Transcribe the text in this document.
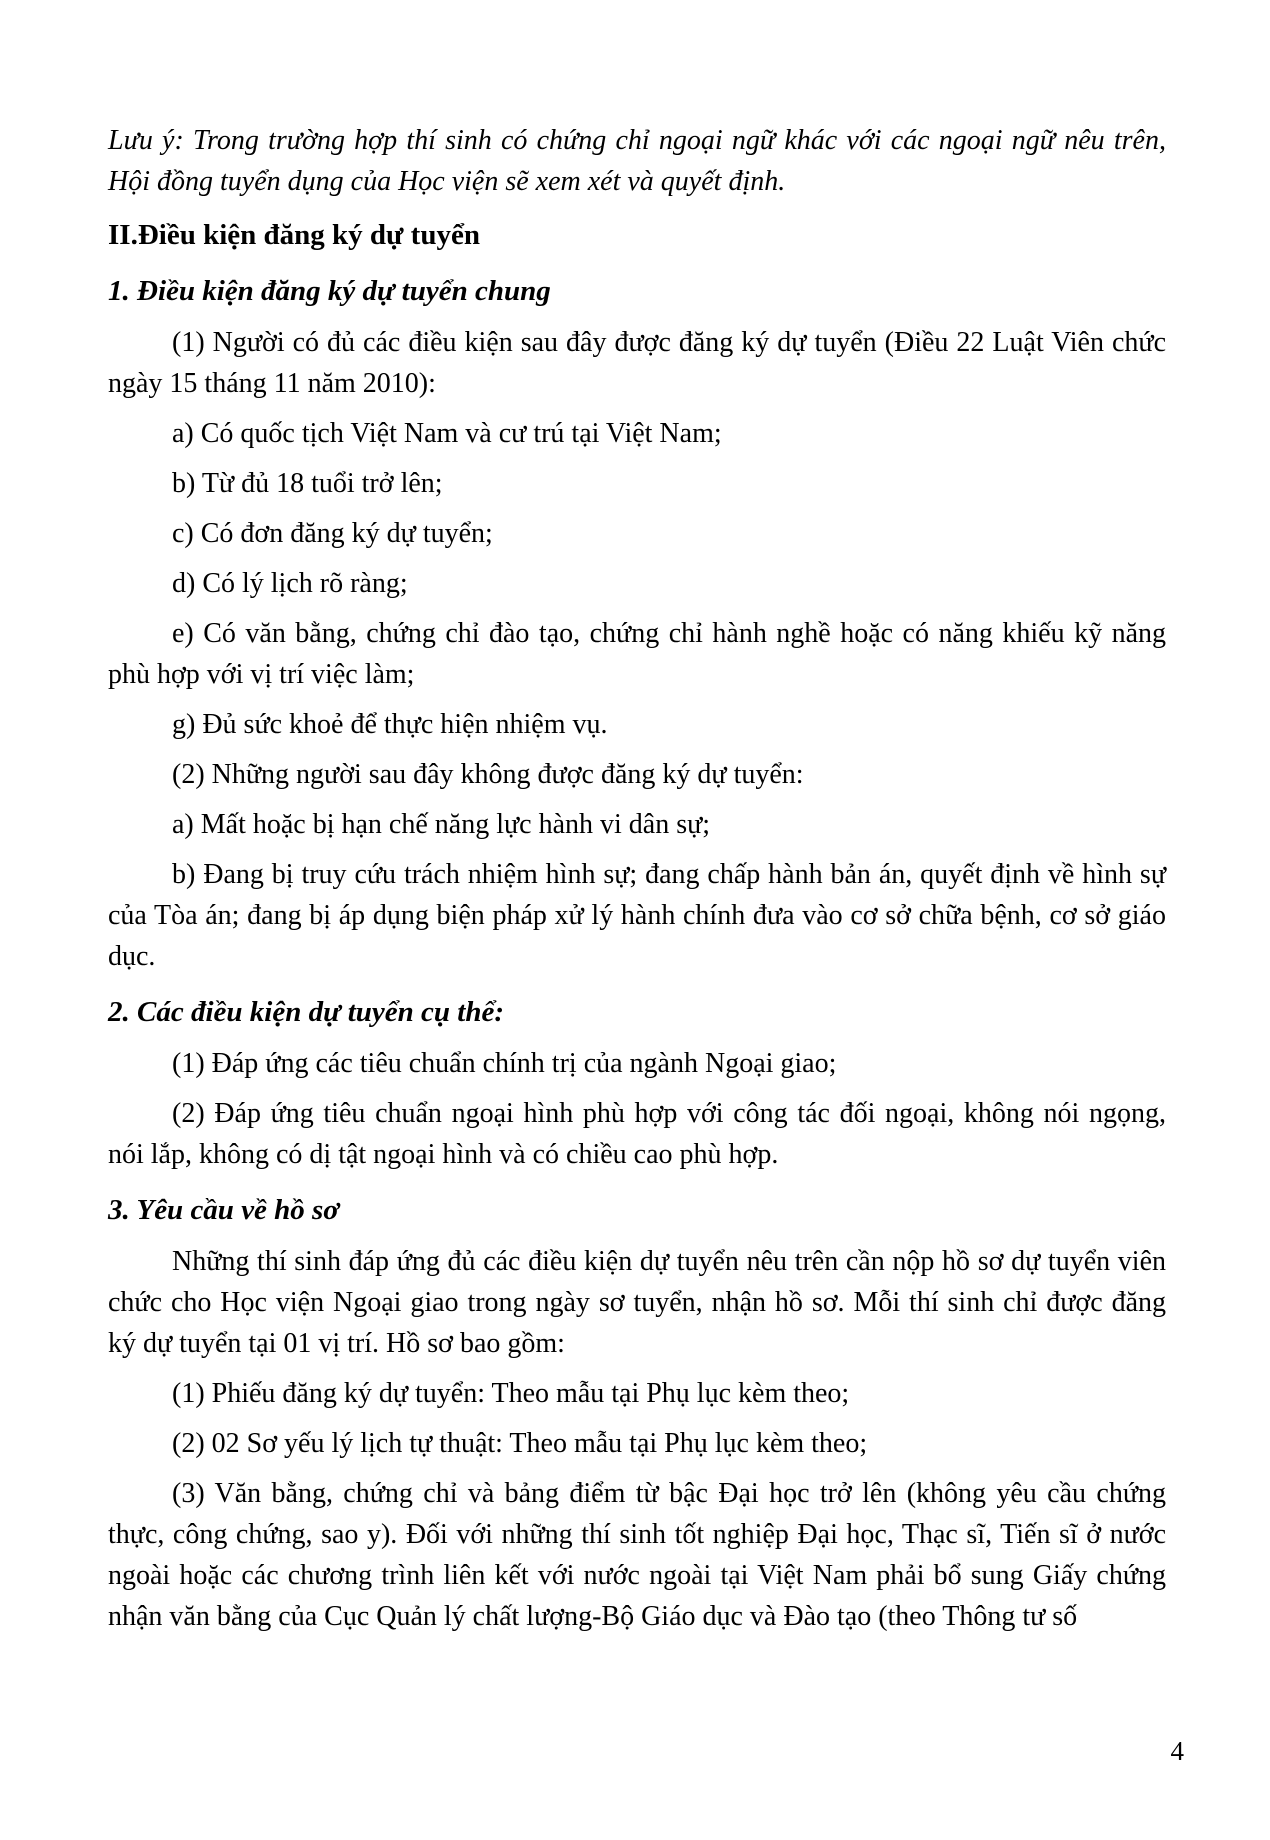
Lưu ý: Trong trường hợp thí sinh có chứng chỉ ngoại ngữ khác với các ngoại ngữ nêu trên, Hội đồng tuyển dụng của Học viện sẽ xem xét và quyết định.

II.Điều kiện đăng ký dự tuyển

1. Điều kiện đăng ký dự tuyển chung

(1) Người có đủ các điều kiện sau đây được đăng ký dự tuyển (Điều 22 Luật Viên chức ngày 15 tháng 11 năm 2010):

a) Có quốc tịch Việt Nam và cư trú tại Việt Nam;

b) Từ đủ 18 tuổi trở lên;

c) Có đơn đăng ký dự tuyển;

d) Có lý lịch rõ ràng;

e) Có văn bằng, chứng chỉ đào tạo, chứng chỉ hành nghề hoặc có năng khiếu kỹ năng phù hợp với vị trí việc làm;

g) Đủ sức khoẻ để thực hiện nhiệm vụ.

(2) Những người sau đây không được đăng ký dự tuyển:

a) Mất hoặc bị hạn chế năng lực hành vi dân sự;

b) Đang bị truy cứu trách nhiệm hình sự; đang chấp hành bản án, quyết định về hình sự của Tòa án; đang bị áp dụng biện pháp xử lý hành chính đưa vào cơ sở chữa bệnh, cơ sở giáo dục.

2. Các điều kiện dự tuyển cụ thể:

(1) Đáp ứng các tiêu chuẩn chính trị của ngành Ngoại giao;

(2) Đáp ứng tiêu chuẩn ngoại hình phù hợp với công tác đối ngoại, không nói ngọng, nói lắp, không có dị tật ngoại hình và có chiều cao phù hợp.

3. Yêu cầu về hồ sơ

Những thí sinh đáp ứng đủ các điều kiện dự tuyển nêu trên cần nộp hồ sơ dự tuyển viên chức cho Học viện Ngoại giao trong ngày sơ tuyển, nhận hồ sơ. Mỗi thí sinh chỉ được đăng ký dự tuyển tại 01 vị trí. Hồ sơ bao gồm:

(1) Phiếu đăng ký dự tuyển: Theo mẫu tại Phụ lục kèm theo;

(2) 02 Sơ yếu lý lịch tự thuật: Theo mẫu tại Phụ lục kèm theo;

(3) Văn bằng, chứng chỉ và bảng điểm từ bậc Đại học trở lên (không yêu cầu chứng thực, công chứng, sao y). Đối với những thí sinh tốt nghiệp Đại học, Thạc sĩ, Tiến sĩ ở nước ngoài hoặc các chương trình liên kết với nước ngoài tại Việt Nam phải bổ sung Giấy chứng nhận văn bằng của Cục Quản lý chất lượng-Bộ Giáo dục và Đào tạo (theo Thông tư số

4
